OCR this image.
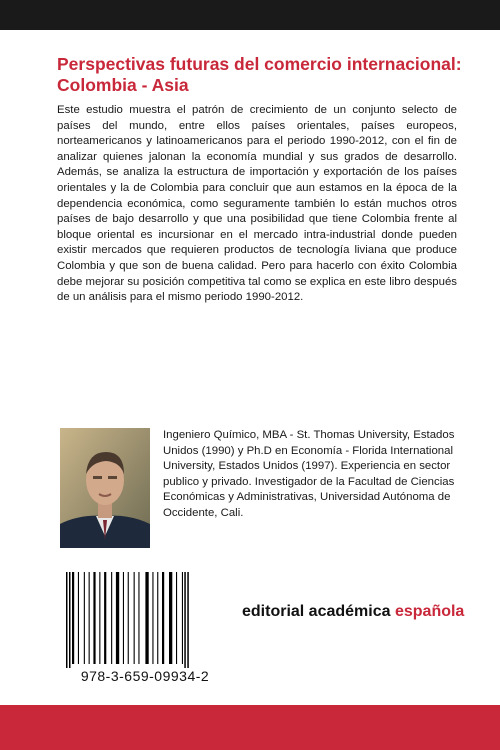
Perspectivas futuras del comercio internacional: Colombia - Asia

Este estudio muestra el patrón de crecimiento de un conjunto selecto de países del mundo, entre ellos países orientales, países europeos, norteamericanos y latinoamericanos para el periodo 1990-2012, con el fin de analizar quienes jalonan la economía mundial y sus grados de desarrollo. Además, se analiza la estructura de importación y exportación de los países orientales y la de Colombia para concluir que aun estamos en la época de la dependencia económica, como seguramente también lo están muchos otros países de bajo desarrollo y que una posibilidad que tiene Colombia frente al bloque oriental es incursionar en el mercado intra-industrial donde pueden existir mercados que requieren productos de tecnología liviana que produce Colombia y que son de buena calidad. Pero para hacerlo con éxito Colombia debe mejorar su posición competitiva tal como se explica en este libro después de un análisis para el mismo periodo 1990-2012.

Ingeniero Químico, MBA - St. Thomas University, Estados Unidos (1990) y Ph.D en Economía - Florida International University, Estados Unidos (1997). Experiencia en sector publico y privado. Investigador de la Facultad de Ciencias Económicas y Administrativas, Universidad Autónoma de Occidente, Cali.

978-3-659-09934-2
editorial académica española
